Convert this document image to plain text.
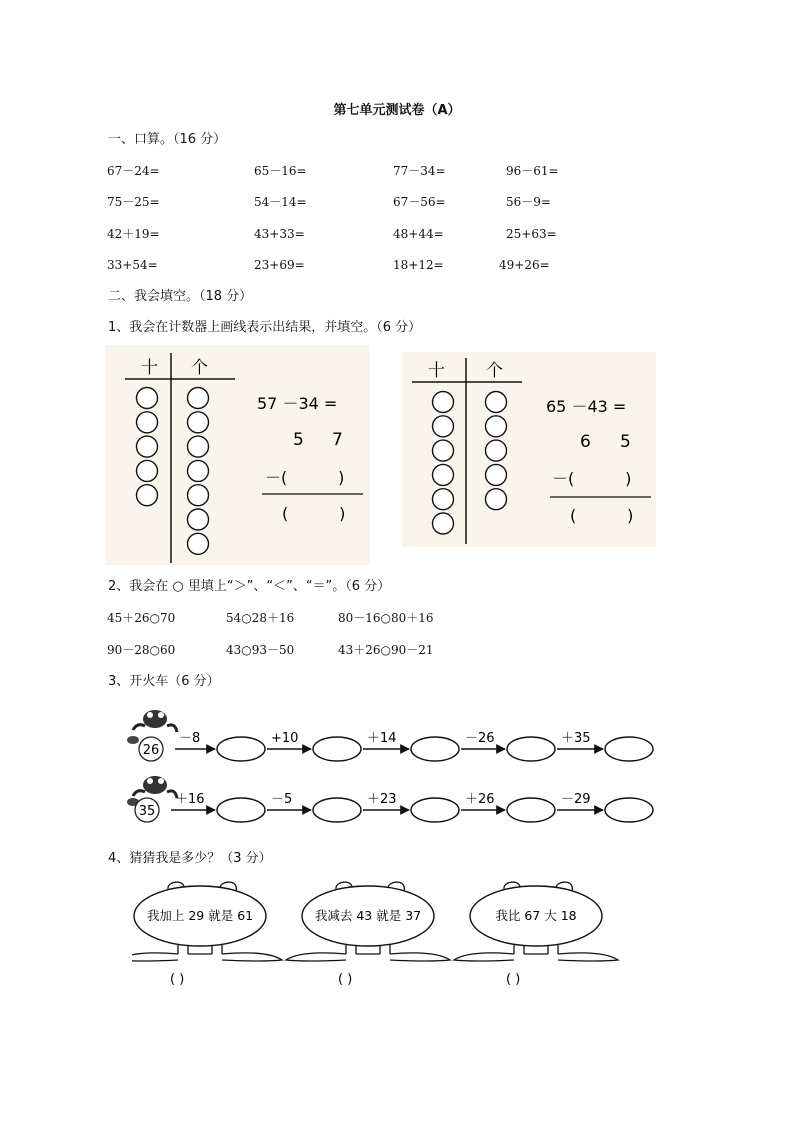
第七单元测试卷（A）
一、口算。（16 分）
67－24=	65－16=	77－34=	96－61=
75－25=	54－14=	67－56=	56－9=
42＋19=	43+33=	48+44=	25+63=
33+54=	23+69=	18+12=	49+26=
二、我会填空。（18 分）
1、我会在计数器上画线表示出结果，并填空。（6 分）
十 个
57 －34 =
5 7
－(          )
(          )
十 个
65 －43 =
6 5
－(          )
(          )
2、我会在 ○ 里填上“＞”、“＜”、“＝”。（6 分）
45＋26○70	54○28＋16	80－16○80＋16
90－28○60	43○93－50	43＋26○90－21
3、开火车（6 分）
26
35
－8	+10	＋14	－26	＋35
＋16	－5	＋23	＋26	－29
4、猜猜我是多少？（3 分）
我加上 29 就是 61
( )
我减去 43 就是 37
( )
我比 67 大 18
( )
